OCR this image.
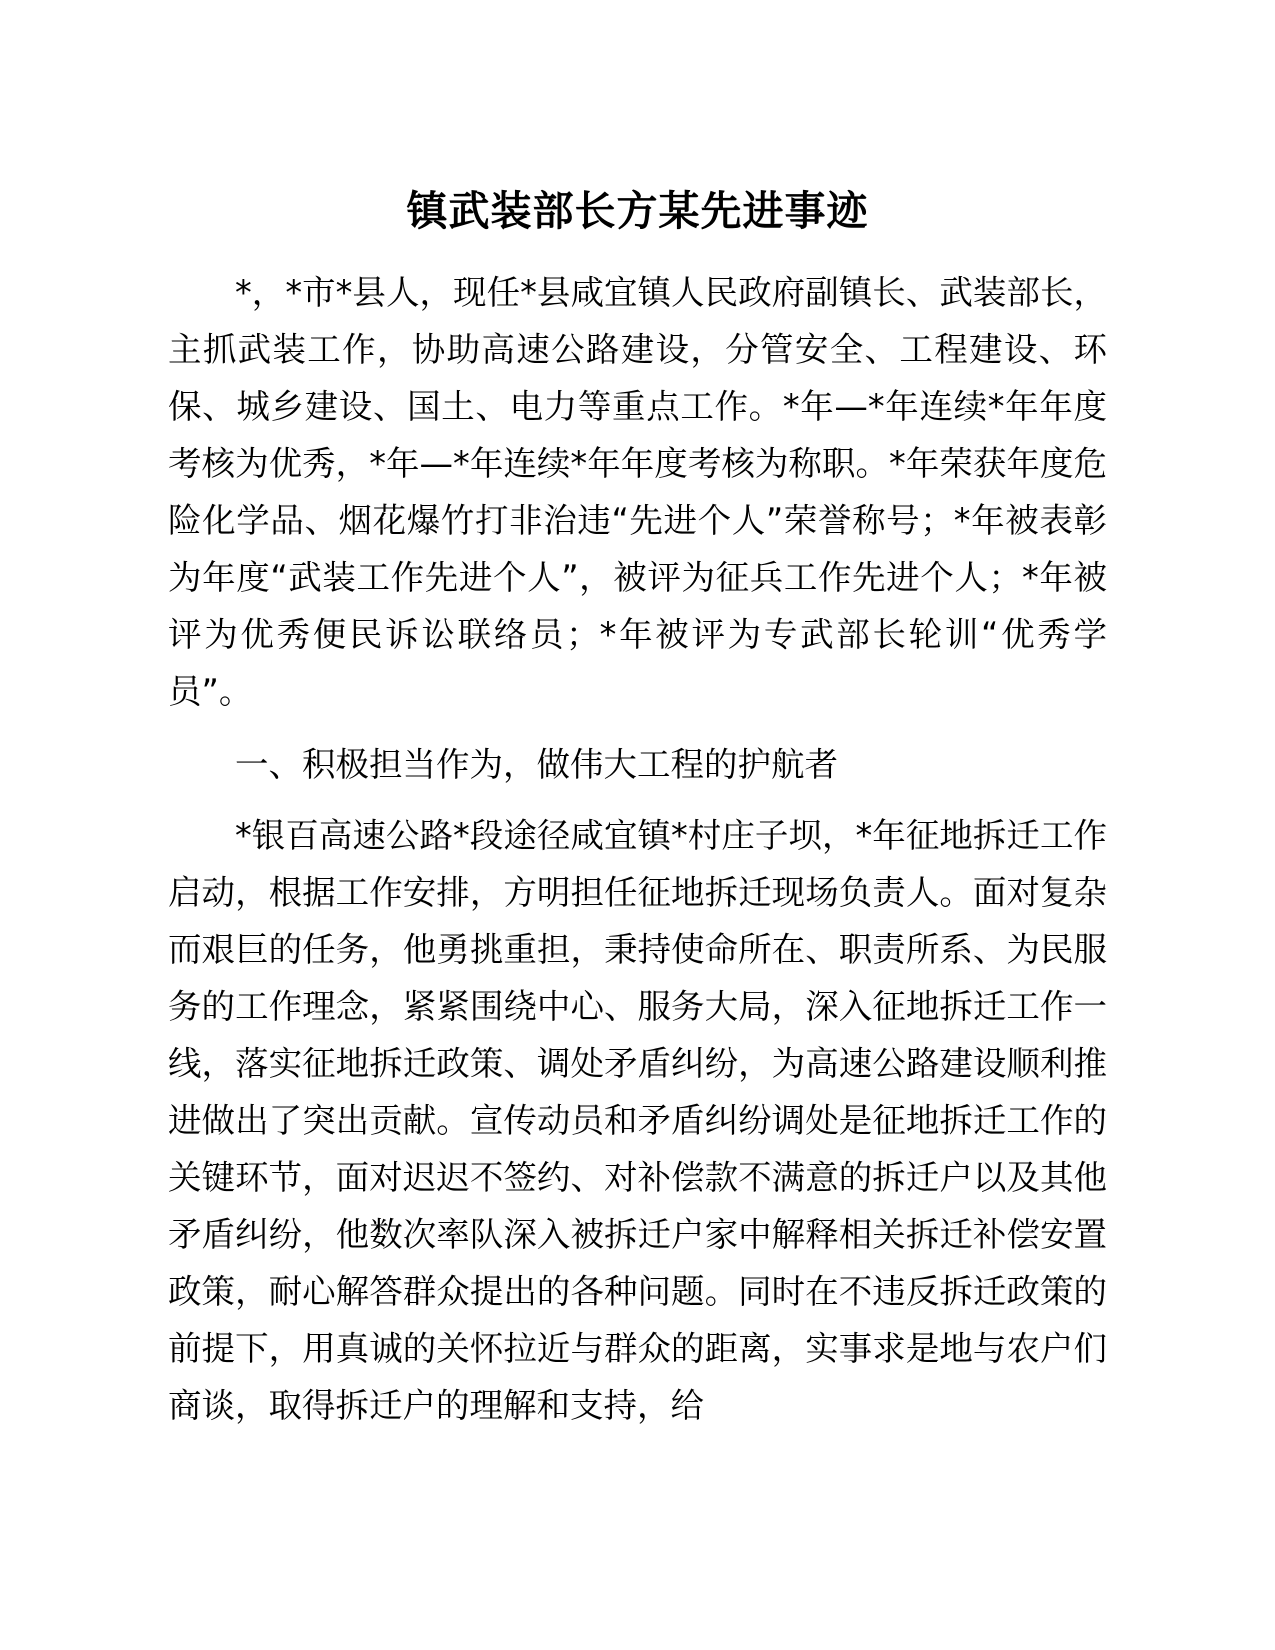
镇武装部长方某先进事迹

*，*市*县人，现任*县咸宜镇人民政府副镇长、武装部长，主抓武装工作，协助高速公路建设，分管安全、工程建设、环保、城乡建设、国土、电力等重点工作。*年—*年连续*年年度考核为优秀，*年—*年连续*年年度考核为称职。*年荣获年度危险化学品、烟花爆竹打非治违“先进个人”荣誉称号；*年被表彰为年度“武装工作先进个人”，被评为征兵工作先进个人；*年被评为优秀便民诉讼联络员；*年被评为专武部长轮训“优秀学员”。

一、积极担当作为，做伟大工程的护航者

*银百高速公路*段途径咸宜镇*村庄子坝，*年征地拆迁工作启动，根据工作安排，方明担任征地拆迁现场负责人。面对复杂而艰巨的任务，他勇挑重担，秉持使命所在、职责所系、为民服务的工作理念，紧紧围绕中心、服务大局，深入征地拆迁工作一线，落实征地拆迁政策、调处矛盾纠纷，为高速公路建设顺利推进做出了突出贡献。宣传动员和矛盾纠纷调处是征地拆迁工作的关键环节，面对迟迟不签约、对补偿款不满意的拆迁户以及其他矛盾纠纷，他数次率队深入被拆迁户家中解释相关拆迁补偿安置政策，耐心解答群众提出的各种问题。同时在不违反拆迁政策的前提下，用真诚的关怀拉近与群众的距离，实事求是地与农户们商谈，取得拆迁户的理解和支持，给
